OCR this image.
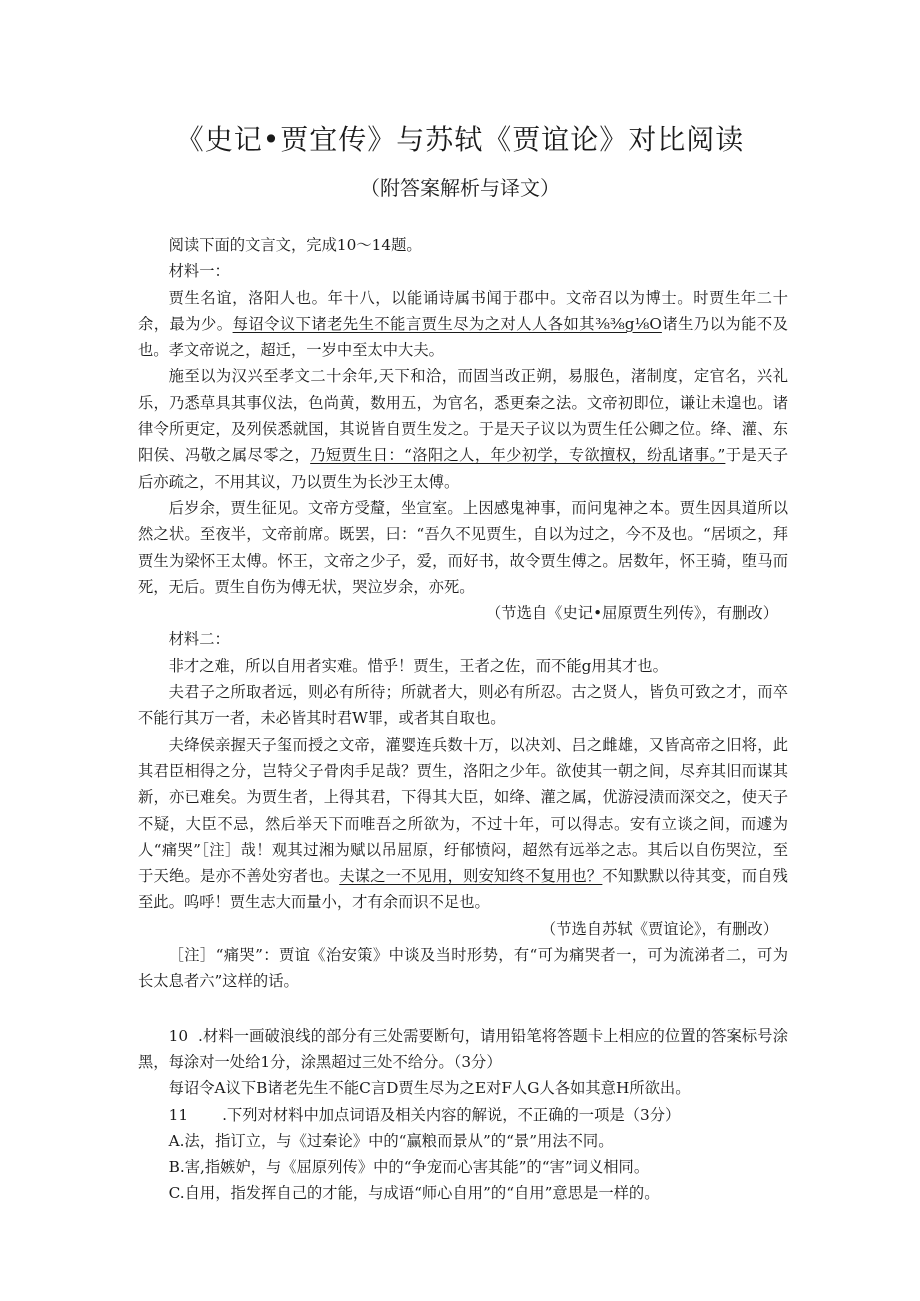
《史记•贾宜传》与苏轼《贾谊论》对比阅读
（附答案解析与译文）

阅读下面的文言文，完成10～14题。

材料一：

贾生名谊，洛阳人也。年十八，以能诵诗属书闻于郡中。文帝召以为博士。时贾生年二十余，最为少。每诏令议下诸老先生不能言贾生尽为之对人人各如其⅜⅜g⅛O诸生乃以为能不及也。孝文帝说之，超迁，一岁中至太中大夫。

施至以为汉兴至孝文二十余年,天下和洽，而固当改正朔，易服色，渚制度，定官名，兴礼乐，乃悉草具其事仪法，色尚黄，数用五，为官名，悉更秦之法。文帝初即位，谦让未遑也。诸律令所更定，及列侯悉就国，其说皆自贾生发之。于是天子议以为贾生任公卿之位。绛、灌、东阳侯、冯敬之属尽零之，乃短贾生日：“洛阳之人，年少初学，专欲擅权，纷乱诸事。”于是天子后亦疏之，不用其议，乃以贾生为长沙王太傅。

后岁余，贾生征见。文帝方受釐，坐宣室。上因感鬼神事，而问鬼神之本。贾生因具道所以然之状。至夜半，文帝前席。既罢，曰：“吾久不见贾生，自以为过之，今不及也。“居顷之，拜贾生为梁怀王太傅。怀王，文帝之少子，爱，而好书，故令贾生傅之。居数年，怀王骑，堕马而死，无后。贾生自伤为傅无状，哭泣岁余，亦死。

（节选自《史记•屈原贾生列传》，有删改）

材料二：

非才之难，所以自用者实难。惜乎！贾生，王者之佐，而不能g用其才也。

夫君子之所取者远，则必有所待；所就者大，则必有所忍。古之贤人，皆负可致之才，而卒不能行其万一者，未必皆其时君W罪，或者其自取也。

夫绛侯亲握天子玺而授之文帝，灌婴连兵数十万，以决刘、吕之雌雄，又皆高帝之旧将，此其君臣相得之分，岂特父子骨肉手足哉？贾生，洛阳之少年。欲使其一朝之间，尽弃其旧而谋其新，亦已难矣。为贾生者，上得其君，下得其大臣，如绛、灌之属，优游浸渍而深交之，使天子不疑，大臣不忌，然后举天下而唯吾之所欲为，不过十年，可以得志。安有立谈之间，而遽为人“痛哭”［注］哉！观其过湘为赋以吊屈原，纡郁愤闷，超然有远举之志。其后以自伤哭泣，至于天绝。是亦不善处穷者也。夫谋之一不见用，则安知终不复用也？不知默默以待其变，而自残至此。呜呼！贾生志大而量小，才有余而识不足也。

（节选自苏轼《贾谊论》，有删改）

［注］“痛哭”：贾谊《治安策》中谈及当时形势，有“可为痛哭者一，可为流涕者二，可为长太息者六”这样的话。

10  .材料一画破浪线的部分有三处需要断句，请用铅笔将答题卡上相应的位置的答案标号涂黑，每涂对一处给1分，涂黑超过三处不给分。（3分）

每诏令A议下B诸老先生不能C言D贾生尽为之E对F人G人各如其意H所欲出。

11       .下列对材料中加点词语及相关内容的解说，不正确的一项是（3分）

A.法，指订立，与《过秦论》中的“赢粮而景从”的“景”用法不同。

B.害,指嫉妒，与《屈原列传》中的“争宠而心害其能”的“害”词义相同。

C.自用，指发挥自己的才能，与成语“师心自用”的“自用”意思是一样的。
